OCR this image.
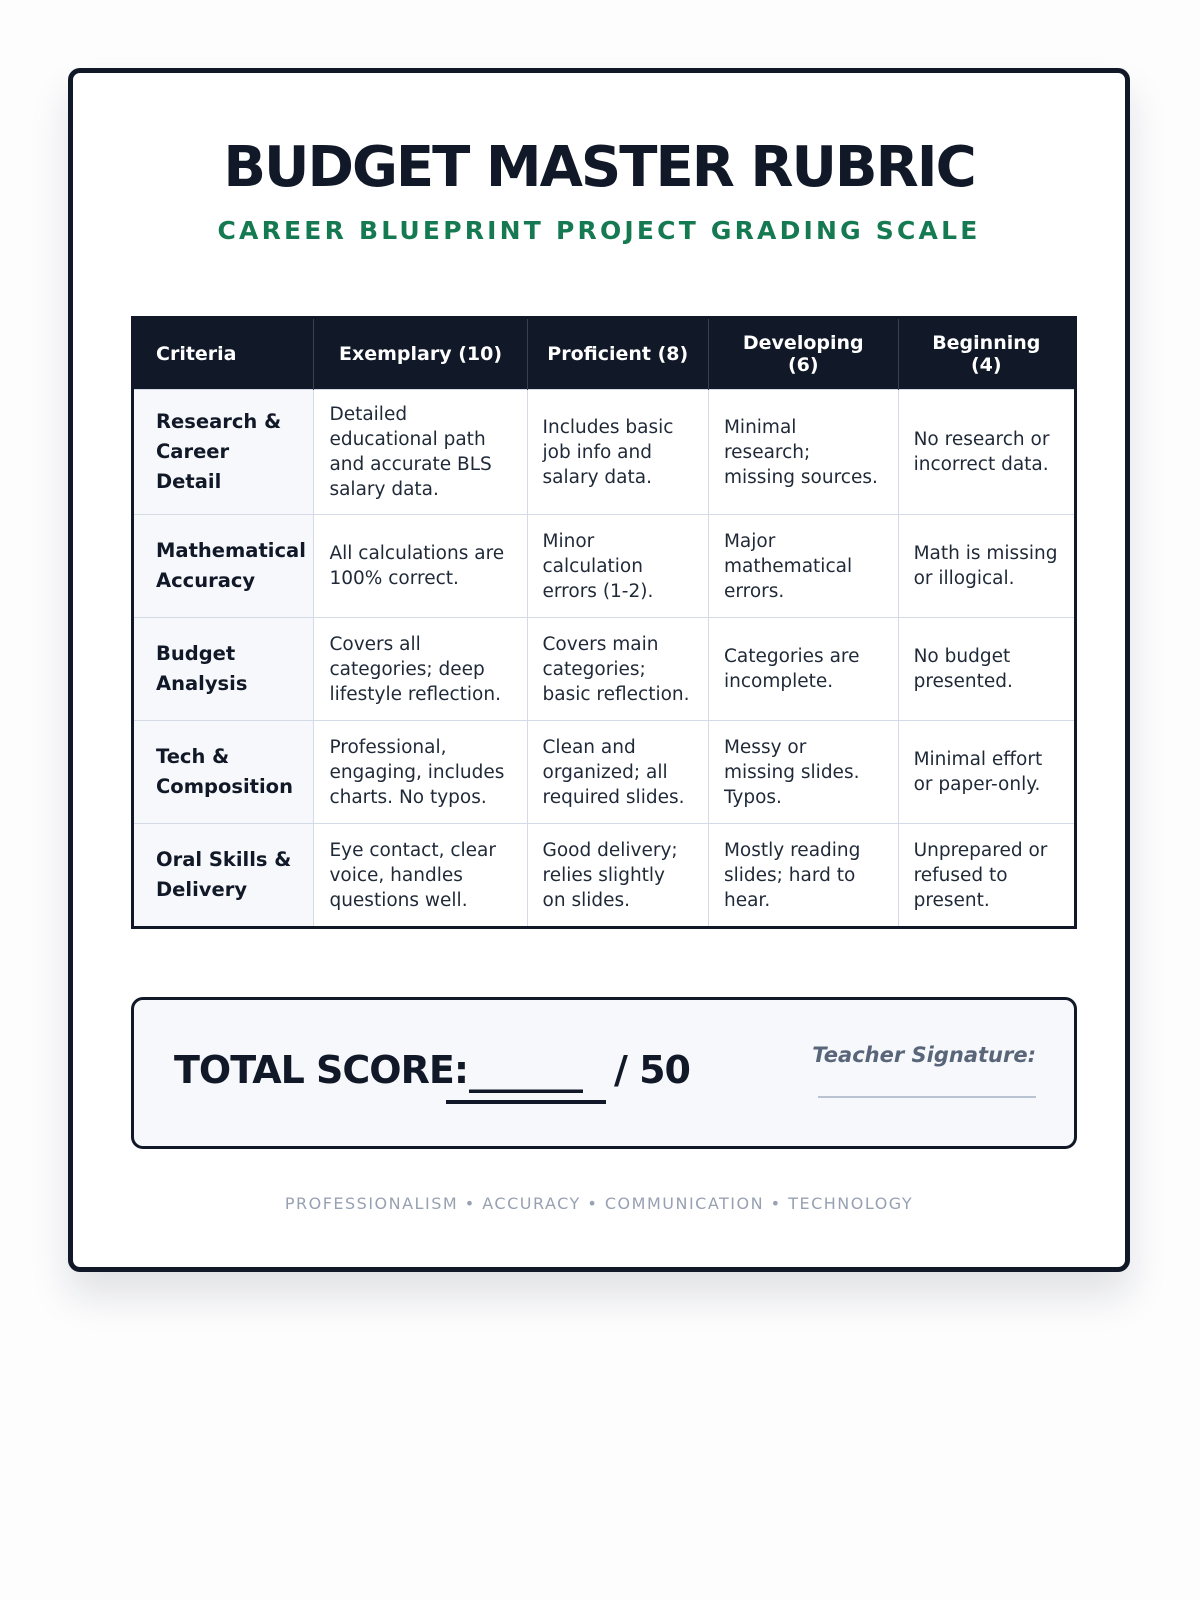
BUDGET MASTER RUBRIC
CAREER BLUEPRINT PROJECT GRADING SCALE
Criteria	Exemplary (10)	Proficient (8)	Developing (6)	Beginning (4)
Research & Career Detail	Detailed educational path and accurate BLS salary data.	Includes basic job info and salary data.	Minimal research; missing sources.	No research or incorrect data.
Mathematical Accuracy	All calculations are 100% correct.	Minor calculation errors (1-2).	Major mathematical errors.	Math is missing or illogical.
Budget Analysis	Covers all categories; deep lifestyle reflection.	Covers main categories; basic reflection.	Categories are incomplete.	No budget presented.
Tech & Composition	Professional, engaging, includes charts. No typos.	Clean and organized; all required slides.	Messy or missing slides. Typos.	Minimal effort or paper-only.
Oral Skills & Delivery	Eye contact, clear voice, handles questions well.	Good delivery; relies slightly on slides.	Mostly reading slides; hard to hear.	Unprepared or refused to present.
TOTAL SCORE: ______ / 50	Teacher Signature:
PROFESSIONALISM • ACCURACY • COMMUNICATION • TECHNOLOGY
